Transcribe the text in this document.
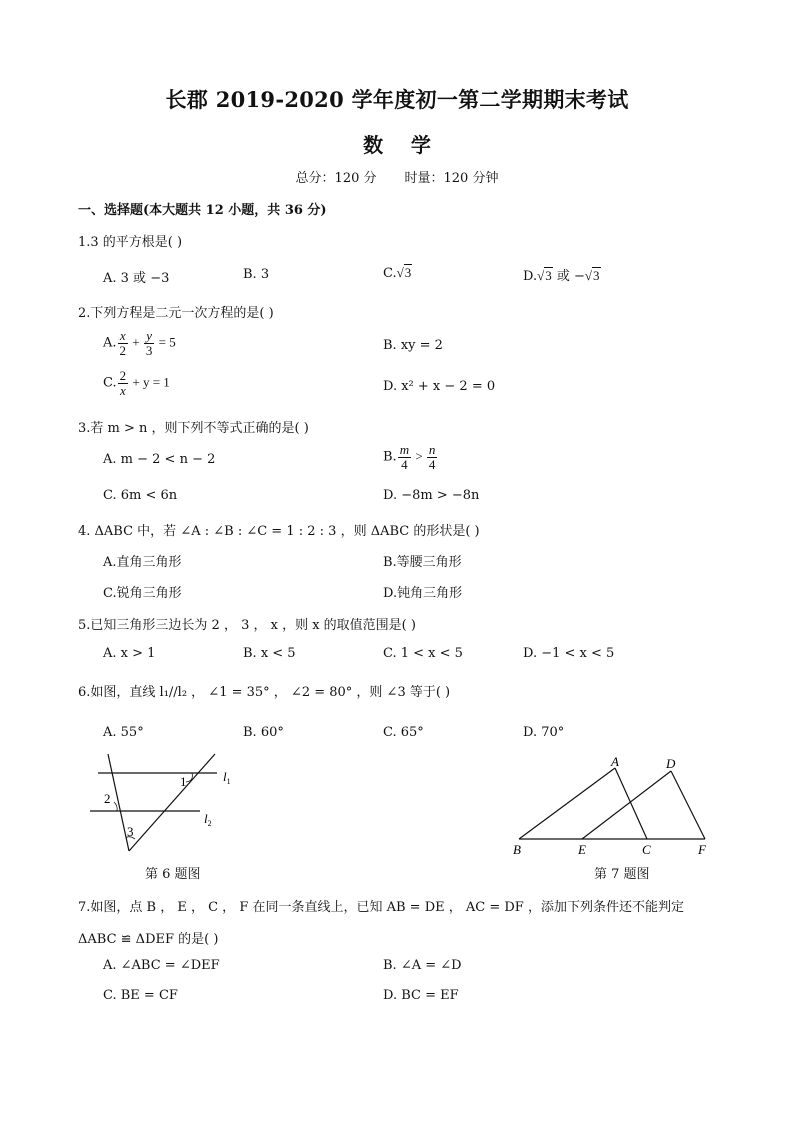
长郡 2019-2020 学年度初一第二学期期末考试
数    学
总分：120 分 时量：120 分钟
一、选择题(本大题共 12 小题，共 36 分)
1.3 的平方根是( )
A. 3 或 −3	B. 3	C.√3	D.√3 或 −√3
2.下列方程是二元一次方程的是( )
A. $\frac{x}{2} + \frac{y}{3} = 5$	B. xy = 2
C. $\frac{2}{x} + y = 1$	D. x² + x − 2 = 0
3.若 m > n ，则下列不等式正确的是( )
A. m − 2 < n − 2	B. $\frac{m}{4} > \frac{n}{4}$
C. 6m < 6n	D. −8m > −8n
4. ΔABC 中，若 ∠A : ∠B : ∠C = 1 : 2 : 3 ，则 ΔABC 的形状是( )
A.直角三角形	B.等腰三角形
C.锐角三角形	D.钝角三角形
5.已知三角形三边长为 2 ， 3 ， x ，则 x 的取值范围是( )
A. x > 1	B. x < 5	C. 1 < x < 5	D. −1 < x < 5
6.如图，直线 l₁//l₂ ， ∠1 = 35° ， ∠2 = 80° ，则 ∠3 等于( )
A. 55°	B. 60°	C. 65°	D. 70°
1
2
3
$l_1$
$l_2$
第 6 题图
A	D
B	E	C	F
第 7 题图
7.如图，点 B ， E ， C ， F 在同一条直线上，已知 AB = DE ， AC = DF ，添加下列条件还不能判定
ΔABC ≌ ΔDEF 的是( )
A. ∠ABC = ∠DEF	B. ∠A = ∠D
C. BE = CF	D. BC = EF
